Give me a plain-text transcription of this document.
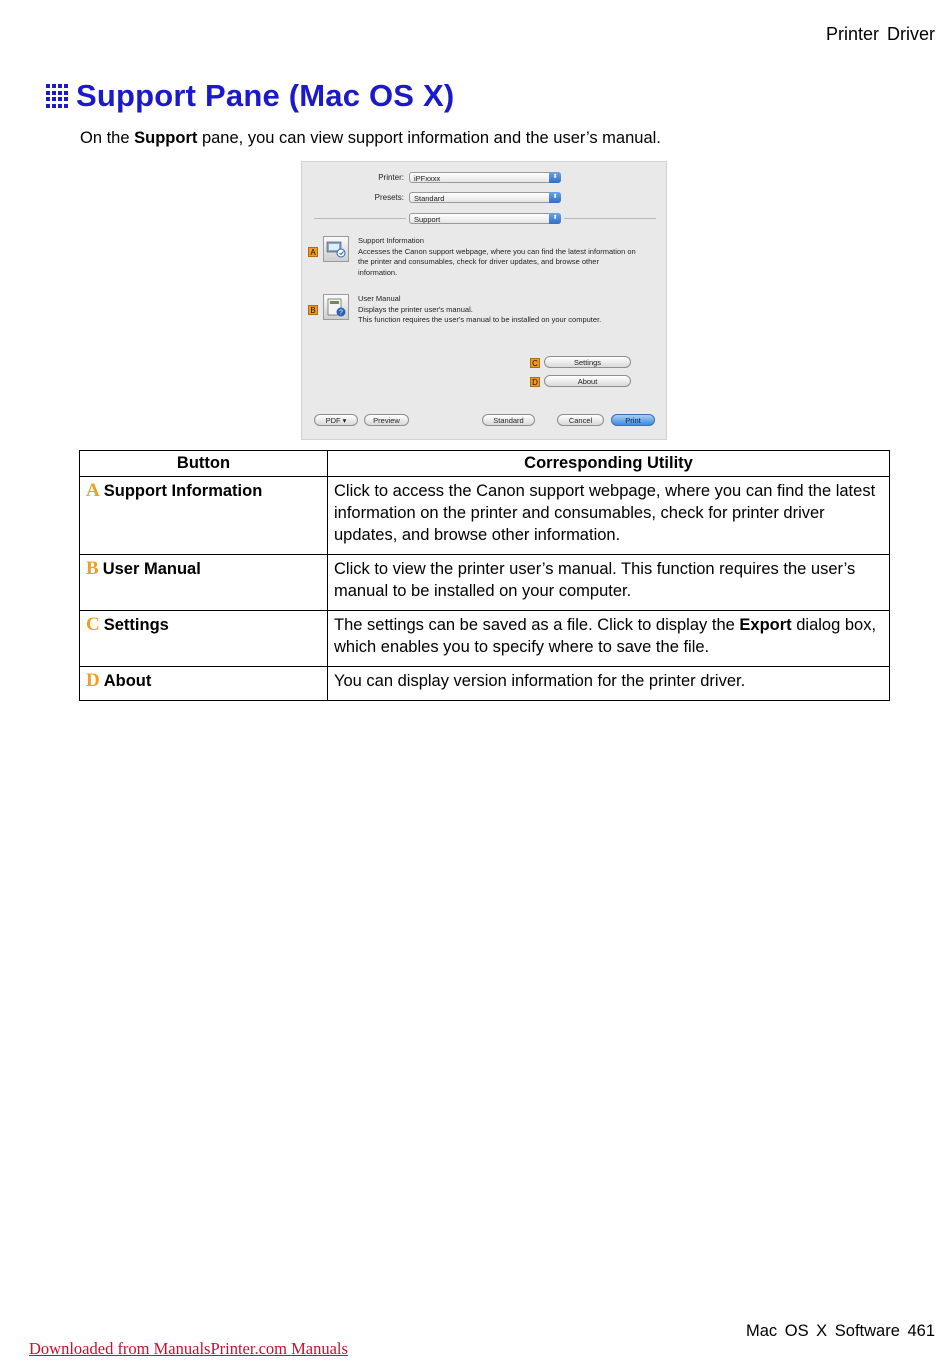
Printer Driver
Support Pane (Mac OS X)
On the Support pane, you can view support information and the user’s manual.
Printer:	iPFxxxx	⬍
Presets:	Standard	⬍
Support	⬍
A
Support Information
Accesses the Canon support webpage, where you can find the latest information on the printer and consumables, check for driver updates, and browse other information.
B	?
User Manual
Displays the printer user's manual.
This function requires the user's manual to be installed on your computer.
C	Settings
D	About
PDF ▾	Preview	Standard	Cancel	Print
Button	Corresponding Utility
A Support Information	Click to access the Canon support webpage, where you can find the latest information on the printer and consumables, check for printer driver updates, and browse other information.
B User Manual	Click to view the printer user’s manual. This function requires the user’s manual to be installed on your computer.
C Settings	The settings can be saved as a file. Click to display the Export dialog box, which enables you to specify where to save the file.
D About	You can display version information for the printer driver.
Mac OS X Software 461
Downloaded from ManualsPrinter.com Manuals
